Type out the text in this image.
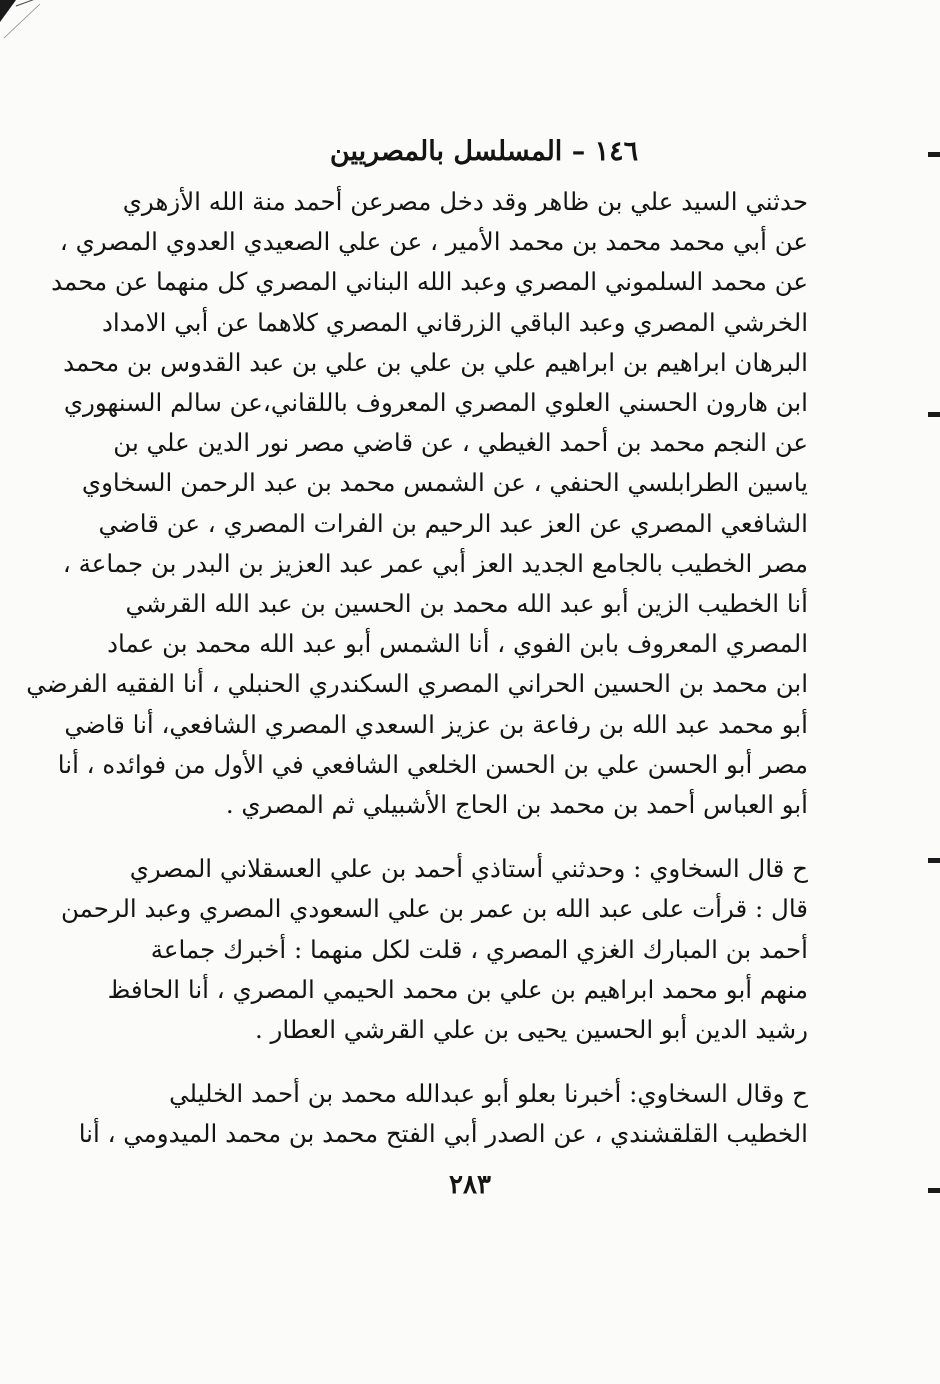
١٤٦ – المسلسل بالمصريين

حدثني السيد علي بن ظاهر وقد دخل مصرعن أحمد منة الله الأزهري
عن أبي محمد محمد بن محمد الأمير ، عن علي الصعيدي العدوي المصري ،
عن محمد السلموني المصري وعبد الله البناني المصري كل منهما عن محمد
الخرشي المصري وعبد الباقي الزرقاني المصري كلاهما عن أبي الامداد
البرهان ابراهيم بن ابراهيم علي بن علي بن علي بن عبد القدوس بن محمد
ابن هارون الحسني العلوي المصري المعروف باللقاني،عن سالم السنهوري
عن النجم محمد بن أحمد الغيطي ، عن قاضي مصر نور الدين علي بن
ياسين الطرابلسي الحنفي ، عن الشمس محمد بن عبد الرحمن السخاوي
الشافعي المصري عن العز عبد الرحيم بن الفرات المصري ، عن قاضي
مصر الخطيب بالجامع الجديد العز أبي عمر عبد العزيز بن البدر بن جماعة ،
أنا الخطيب الزين أبو عبد الله محمد بن الحسين بن عبد الله القرشي
المصري المعروف بابن الفوي ، أنا الشمس أبو عبد الله محمد بن عماد
ابن محمد بن الحسين الحراني المصري السكندري الحنبلي ، أنا الفقيه الفرضي
أبو محمد عبد الله بن رفاعة بن عزيز السعدي المصري الشافعي، أنا قاضي
مصر أبو الحسن علي بن الحسن الخلعي الشافعي في الأول من فوائده ، أنا
أبو العباس أحمد بن محمد بن الحاج الأشبيلي ثم المصري .

ح قال السخاوي : وحدثني أستاذي أحمد بن علي العسقلاني المصري
قال : قرأت على عبد الله بن عمر بن علي السعودي المصري وعبد الرحمن
أحمد بن المبارك الغزي المصري ، قلت لكل منهما : أخبرك جماعة
منهم أبو محمد ابراهيم بن علي بن محمد الحيمي المصري ، أنا الحافظ
رشيد الدين أبو الحسين يحيى بن علي القرشي العطار .

ح وقال السخاوي: أخبرنا بعلو أبو عبدالله محمد بن أحمد الخليلي
الخطيب القلقشندي ، عن الصدر أبي الفتح محمد بن محمد الميدومي ، أنا

٢٨٣
